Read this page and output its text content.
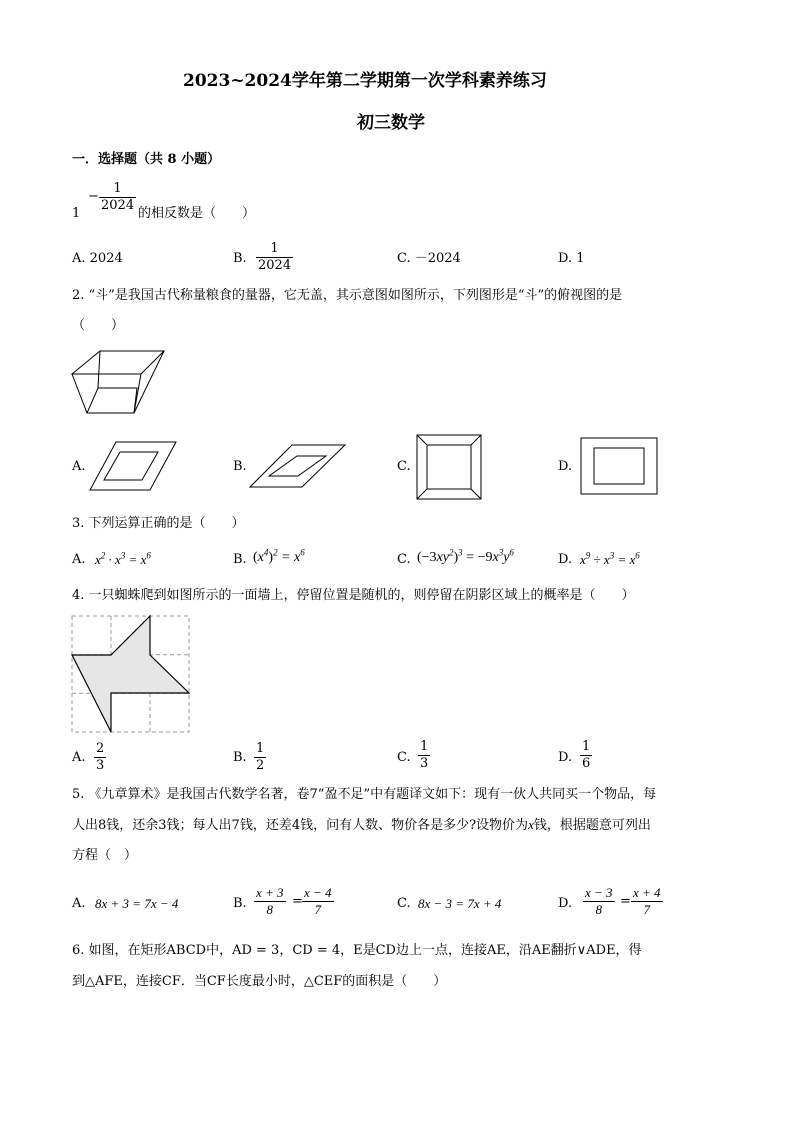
2023~2024学年第二学期第一次学科素养练习
初三数学
一．选择题（共 8 小题）
1
− $\frac{1}{2024}$ 的相反数是（　　）
A. 2024	B. $\frac{1}{2024}$	C. －2024	D. 1
2. “斗”是我国古代称量粮食的量器，它无盖，其示意图如图所示，下列图形是“斗”的俯视图的是
（　　）
A.	B.	C.	D.
3. 下列运算正确的是（　　）
A. $x^2 \cdot x^3 = x^6$	B. $(x^4)^2 = x^6$	C. $(-3xy^2)^3 = -9x^3y^6$	D. $x^9 \div x^3 = x^6$
4. 一只蜘蛛爬到如图所示的一面墙上，停留位置是随机的，则停留在阴影区域上的概率是（　　）
A. $\frac{2}{3}$	B. $\frac{1}{2}$	C. $\frac{1}{3}$	D. $\frac{1}{6}$
5. 《九章算术》是我国古代数学名著，卷7“盈不足”中有题译文如下：现有一伙人共同买一个物品，每
人出8钱，还余3钱；每人出7钱，还差4钱，问有人数、物价各是多少?设物价为x钱，根据题意可列出
方程（　）
A. 8x + 3 = 7x − 4	B. $\frac{x + 3}{8} = \frac{x - 4}{7}$	C. 8x − 3 = 7x + 4	D. $\frac{x - 3}{8} = \frac{x + 4}{7}$
6. 如图，在矩形ABCD中，AD = 3，CD = 4，E是CD边上一点，连接AE，沿AE翻折∨ADE，得
到△AFE，连接CF．当CF长度最小时，△CEF的面积是（　　）
